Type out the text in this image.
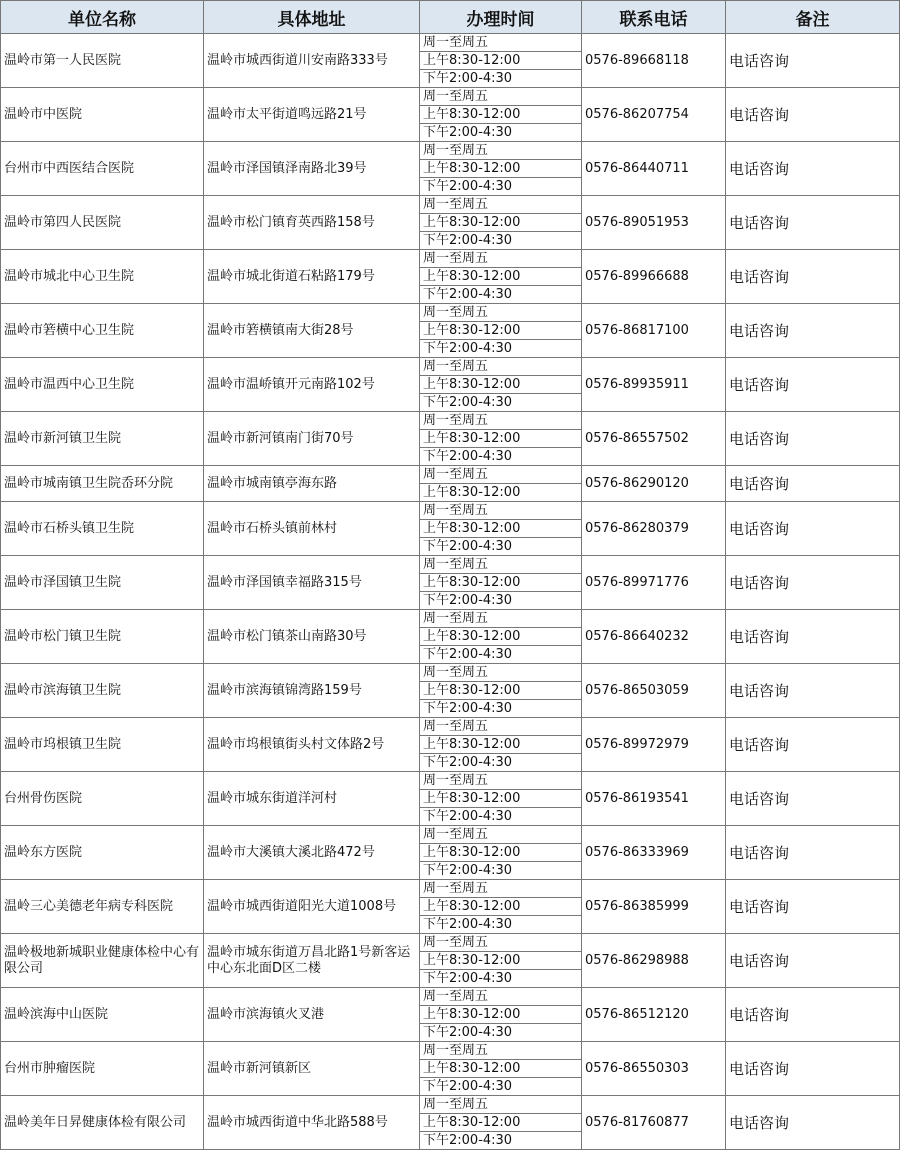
单位名称	具体地址	办理时间	联系电话	备注
温岭市第一人民医院	温岭市城西街道川安南路333号
周一至周五
上午8:30-12:00
下午2:00-4:30
0576-89668118	电话咨询
温岭市中医院	温岭市太平街道鸣远路21号
周一至周五
上午8:30-12:00
下午2:00-4:30
0576-86207754	电话咨询
台州市中西医结合医院	温岭市泽国镇泽南路北39号
周一至周五
上午8:30-12:00
下午2:00-4:30
0576-86440711	电话咨询
温岭市第四人民医院	温岭市松门镇育英西路158号
周一至周五
上午8:30-12:00
下午2:00-4:30
0576-89051953	电话咨询
温岭市城北中心卫生院	温岭市城北街道石粘路179号
周一至周五
上午8:30-12:00
下午2:00-4:30
0576-89966688	电话咨询
温岭市箬横中心卫生院	温岭市箬横镇南大街28号
周一至周五
上午8:30-12:00
下午2:00-4:30
0576-86817100	电话咨询
温岭市温西中心卫生院	温岭市温峤镇开元南路102号
周一至周五
上午8:30-12:00
下午2:00-4:30
0576-89935911	电话咨询
温岭市新河镇卫生院	温岭市新河镇南门街70号
周一至周五
上午8:30-12:00
下午2:00-4:30
0576-86557502	电话咨询
温岭市城南镇卫生院岙环分院	温岭市城南镇亭海东路
周一至周五
上午8:30-12:00
0576-86290120	电话咨询
温岭市石桥头镇卫生院	温岭市石桥头镇前林村
周一至周五
上午8:30-12:00
下午2:00-4:30
0576-86280379	电话咨询
温岭市泽国镇卫生院	温岭市泽国镇幸福路315号
周一至周五
上午8:30-12:00
下午2:00-4:30
0576-89971776	电话咨询
温岭市松门镇卫生院	温岭市松门镇茶山南路30号
周一至周五
上午8:30-12:00
下午2:00-4:30
0576-86640232	电话咨询
温岭市滨海镇卫生院	温岭市滨海镇锦湾路159号
周一至周五
上午8:30-12:00
下午2:00-4:30
0576-86503059	电话咨询
温岭市坞根镇卫生院	温岭市坞根镇街头村文体路2号
周一至周五
上午8:30-12:00
下午2:00-4:30
0576-89972979	电话咨询
台州骨伤医院	温岭市城东街道洋河村
周一至周五
上午8:30-12:00
下午2:00-4:30
0576-86193541	电话咨询
温岭东方医院	温岭市大溪镇大溪北路472号
周一至周五
上午8:30-12:00
下午2:00-4:30
0576-86333969	电话咨询
温岭三心美德老年病专科医院	温岭市城西街道阳光大道1008号
周一至周五
上午8:30-12:00
下午2:00-4:30
0576-86385999	电话咨询
温岭极地新城职业健康体检中心有限公司
温岭市城东街道万昌北路1号新客运中心东北面D区二楼
周一至周五
上午8:30-12:00
下午2:00-4:30
0576-86298988	电话咨询
温岭滨海中山医院	温岭市滨海镇火叉港
周一至周五
上午8:30-12:00
下午2:00-4:30
0576-86512120	电话咨询
台州市肿瘤医院	温岭市新河镇新区
周一至周五
上午8:30-12:00
下午2:00-4:30
0576-86550303	电话咨询
温岭美年日昇健康体检有限公司	温岭市城西街道中华北路588号
周一至周五
上午8:30-12:00
下午2:00-4:30
0576-81760877	电话咨询
